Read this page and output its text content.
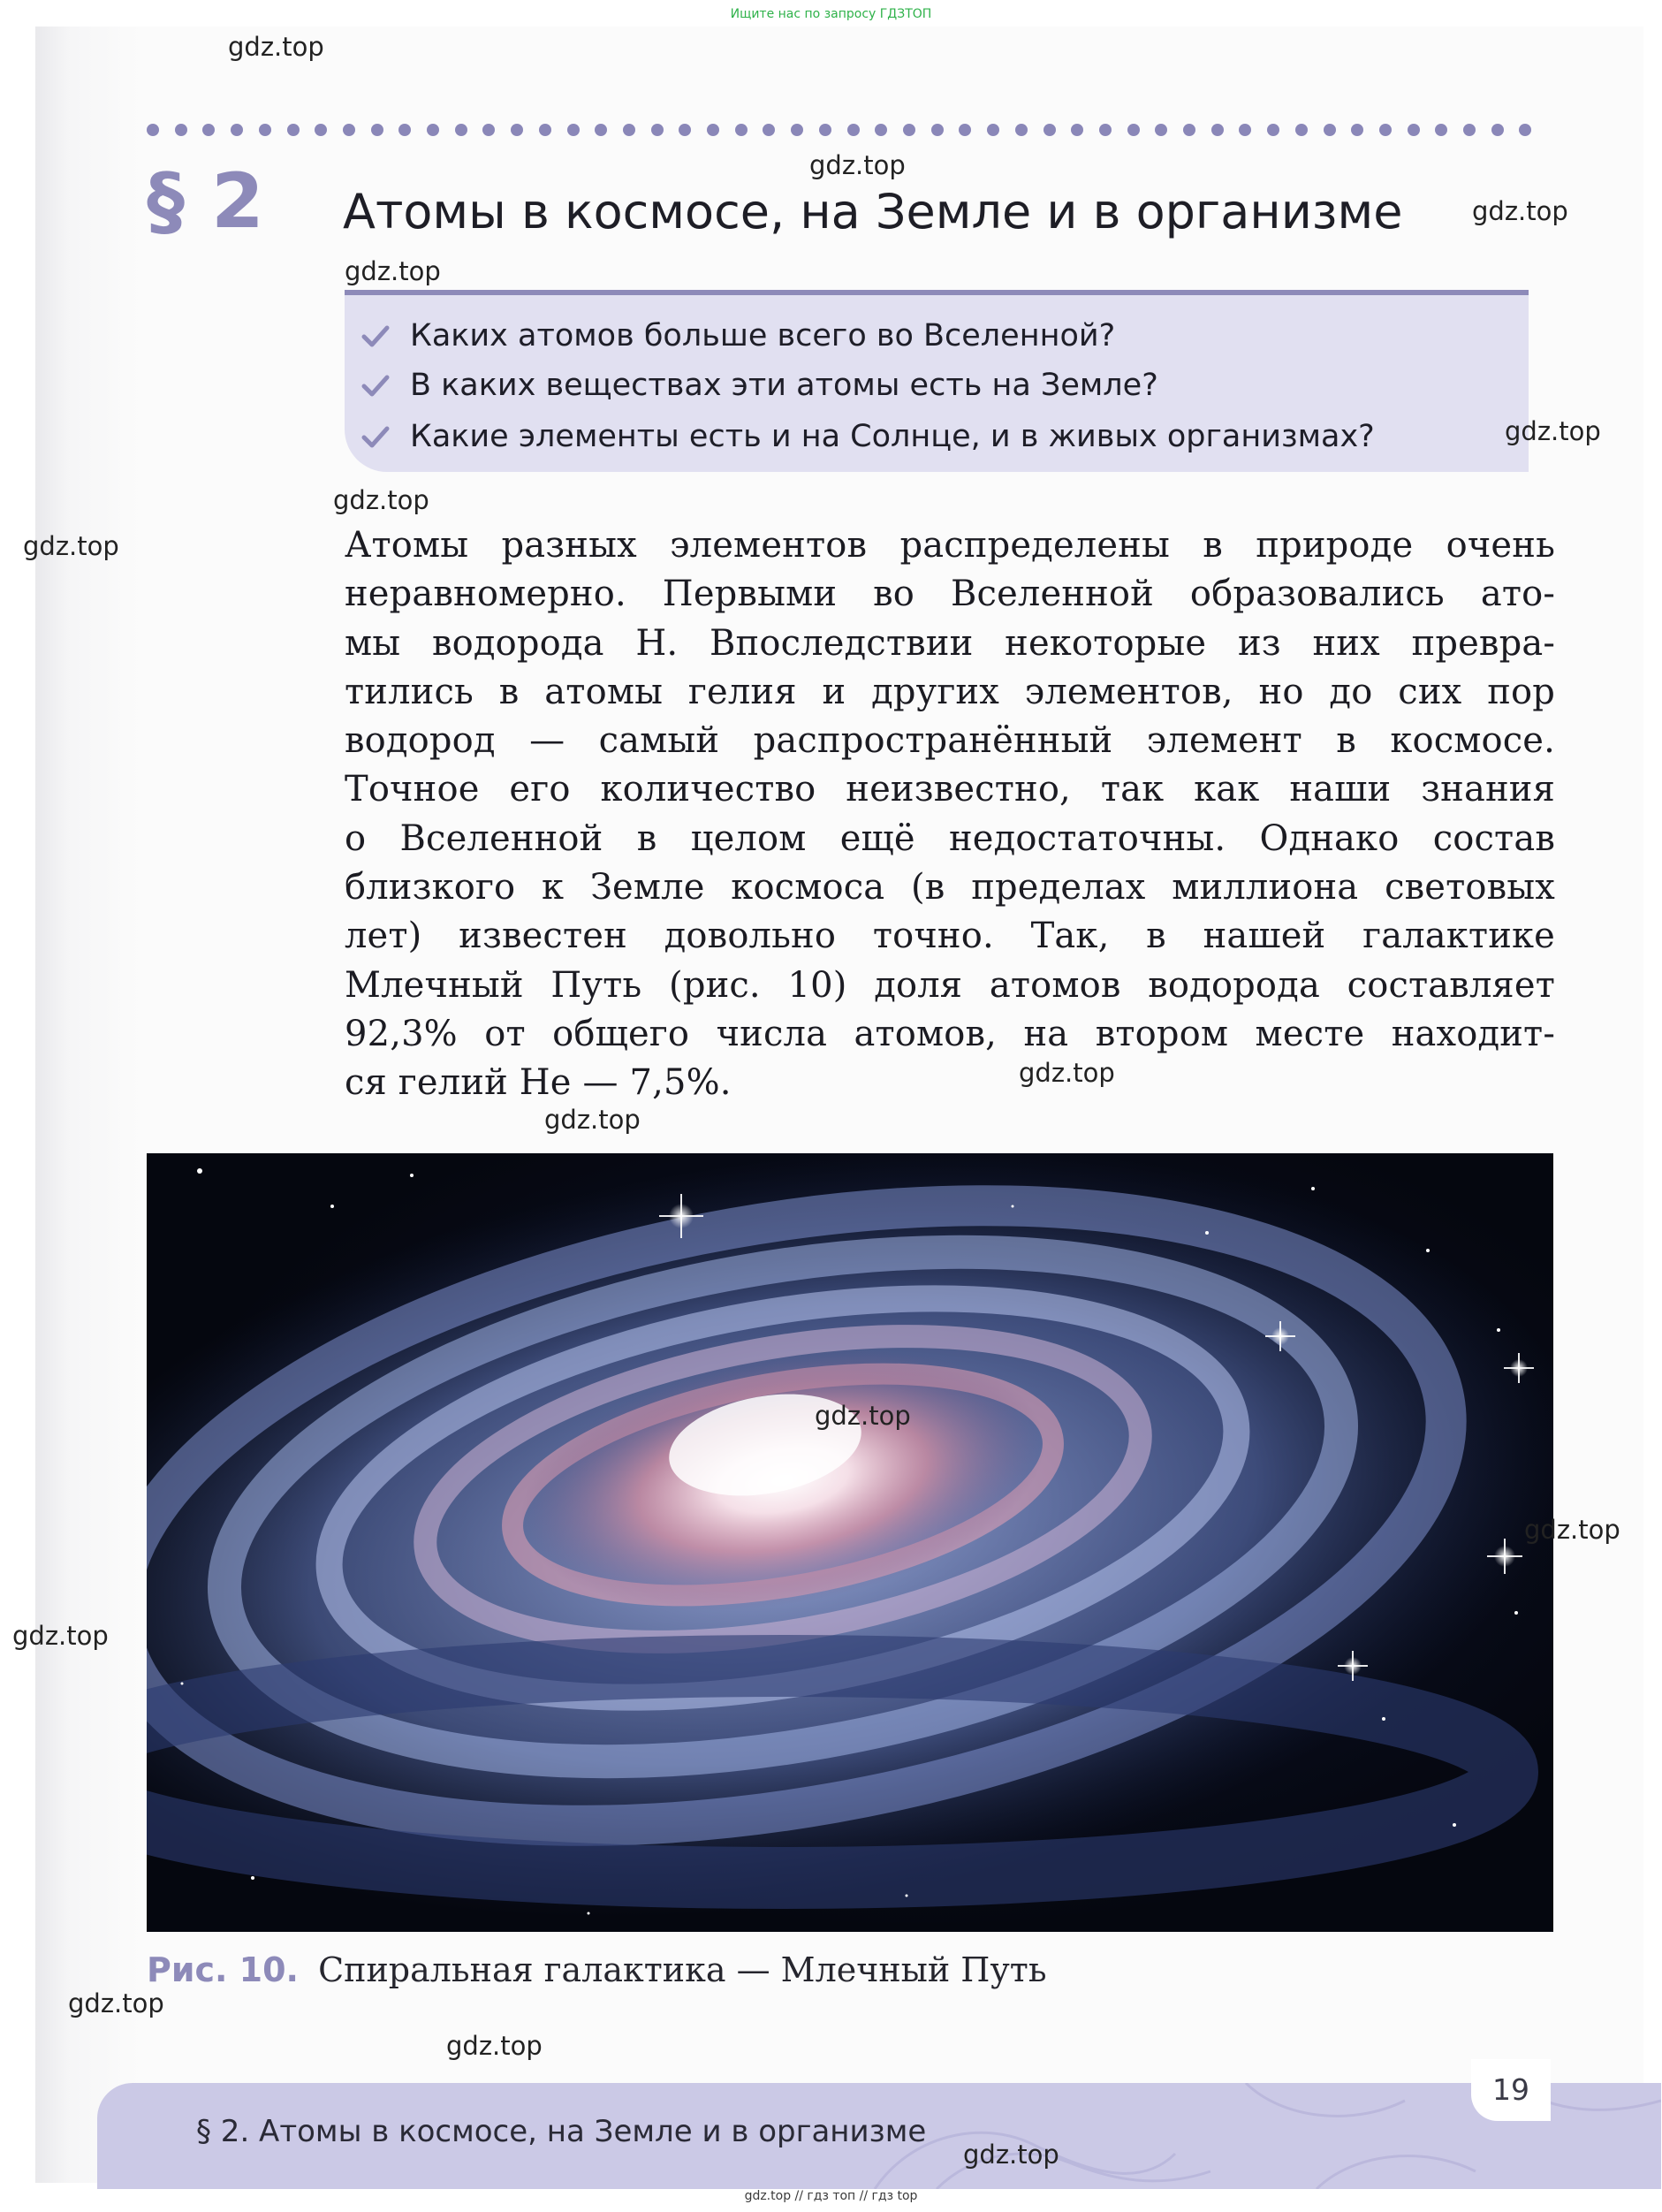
Ищите нас по запросу ГДЗТОП
§ 2 Атомы в космосе, на Земле и в организме
Каких атомов больше всего во Вселенной?
В каких веществах эти атомы есть на Земле?
Какие элементы есть и на Солнце, и в живых организмах?
Атомы разных элементов распределены в природе очень
неравномерно. Первыми во Вселенной образовались ато-
мы водорода Н. Впоследствии некоторые из них превра-
тились в атомы гелия и других элементов, но до сих пор
водород — самый распространённый элемент в космосе.
Точное его количество неизвестно, так как наши знания
о Вселенной в целом ещё недостаточны. Однако состав
близкого к Земле космоса (в пределах миллиона световых
лет) известен довольно точно. Так, в нашей галактике
Млечный Путь (рис. 10) доля атомов водорода составляет
92,3% от общего числа атомов, на втором месте находит-
ся гелий Не — 7,5%.
Рис. 10. Спиральная галактика — Млечный Путь
§ 2. Атомы в космосе, на Земле и в организме
19
gdz.top // гдз топ // гдз top
gdz.top
gdz.top
gdz.top
gdz.top
gdz.top
gdz.top
gdz.top
gdz.top
gdz.top
gdz.top
gdz.top
gdz.top
gdz.top
gdz.top
gdz.top
